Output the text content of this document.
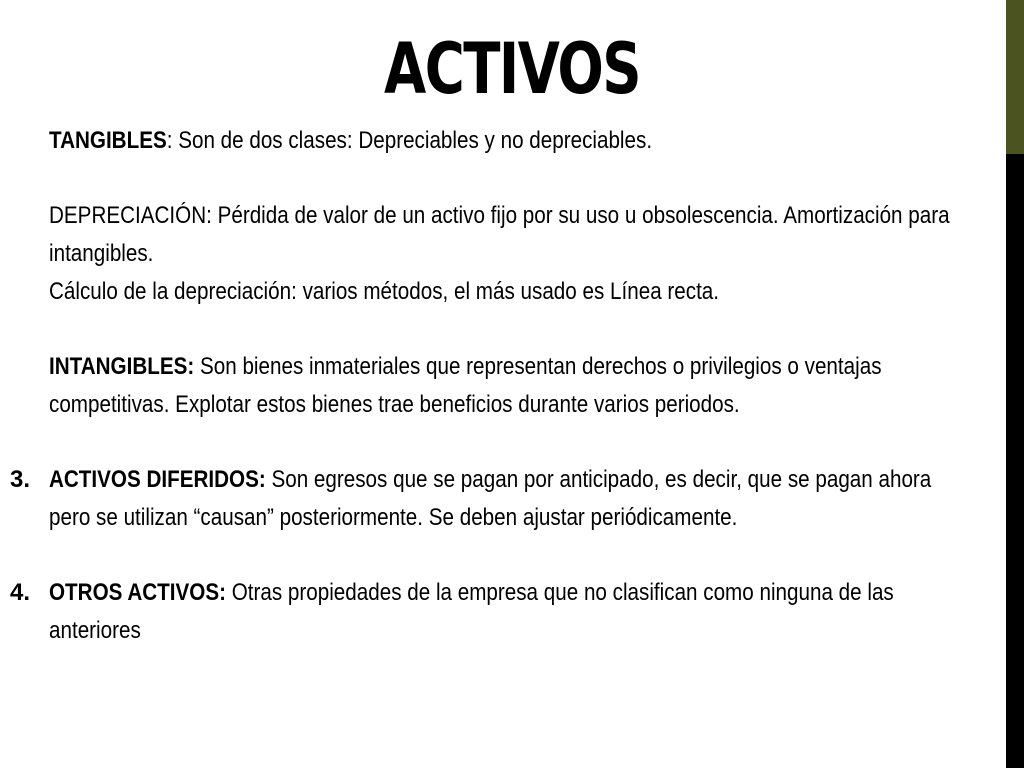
ACTIVOS
TANGIBLES: Son de dos clases: Depreciables y no depreciables.
DEPRECIACIÓN: Pérdida de valor de un activo fijo por su uso u obsolescencia. Amortización para
intangibles.
Cálculo de la depreciación: varios métodos, el más usado es Línea recta.
INTANGIBLES: Son bienes inmateriales que representan derechos o privilegios o ventajas
competitivas. Explotar estos bienes trae beneficios durante varios periodos.
3. ACTIVOS DIFERIDOS: Son egresos que se pagan por anticipado, es decir, que se pagan ahora
pero se utilizan “causan” posteriormente. Se deben ajustar periódicamente.
4. OTROS ACTIVOS: Otras propiedades de la empresa que no clasifican como ninguna de las
anteriores
